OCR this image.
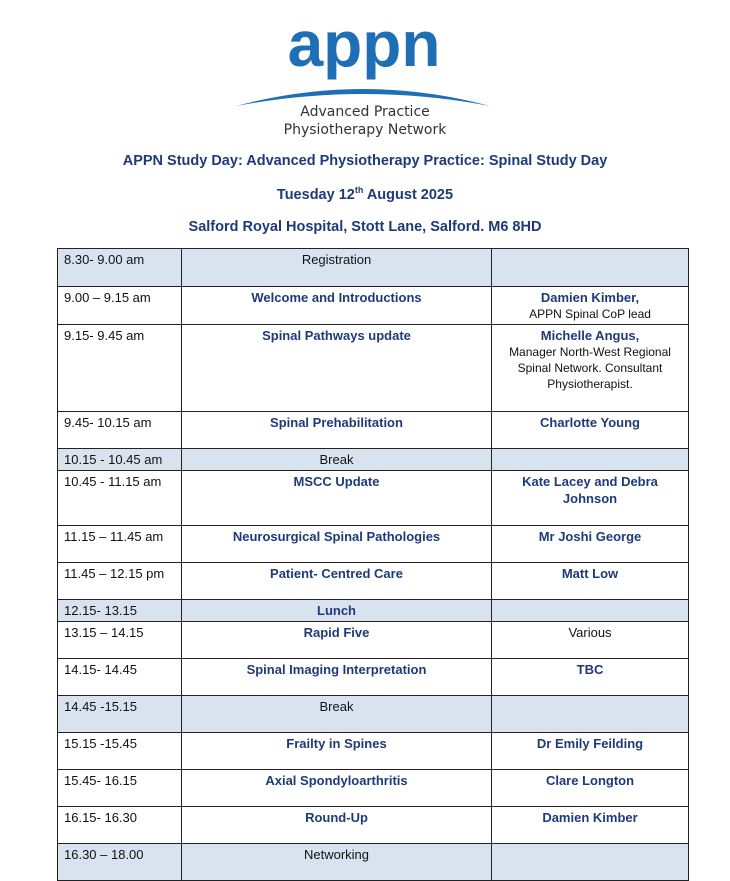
appn
Advanced Practice
Physiotherapy Network
APPN Study Day: Advanced Physiotherapy Practice: Spinal Study Day
Tuesday 12th August 2025
Salford Royal Hospital, Stott Lane, Salford. M6 8HD
8.30- 9.00 am	Registration	

9.00 – 9.15 am	Welcome and Introductions	Damien Kimber,
APPN Spinal CoP lead

9.15- 9.45 am	Spinal Pathways update	Michelle Angus,
Manager North-West Regional Spinal Network. Consultant Physiotherapist.

9.45- 10.15 am	Spinal Prehabilitation	Charlotte Young

10.15 - 10.45 am	Break	

10.45 - 11.15 am	MSCC Update	Kate Lacey and Debra Johnson

11.15 – 11.45 am	Neurosurgical Spinal Pathologies	Mr Joshi George

11.45 – 12.15 pm	Patient- Centred Care	Matt Low

12.15- 13.15	Lunch	

13.15 – 14.15	Rapid Five	Various

14.15- 14.45	Spinal Imaging Interpretation	TBC

14.45 -15.15	Break	

15.15 -15.45	Frailty in Spines	Dr Emily Feilding

15.45- 16.15	Axial Spondyloarthritis	Clare Longton

16.15- 16.30	Round-Up	Damien Kimber

16.30 – 18.00	Networking	
